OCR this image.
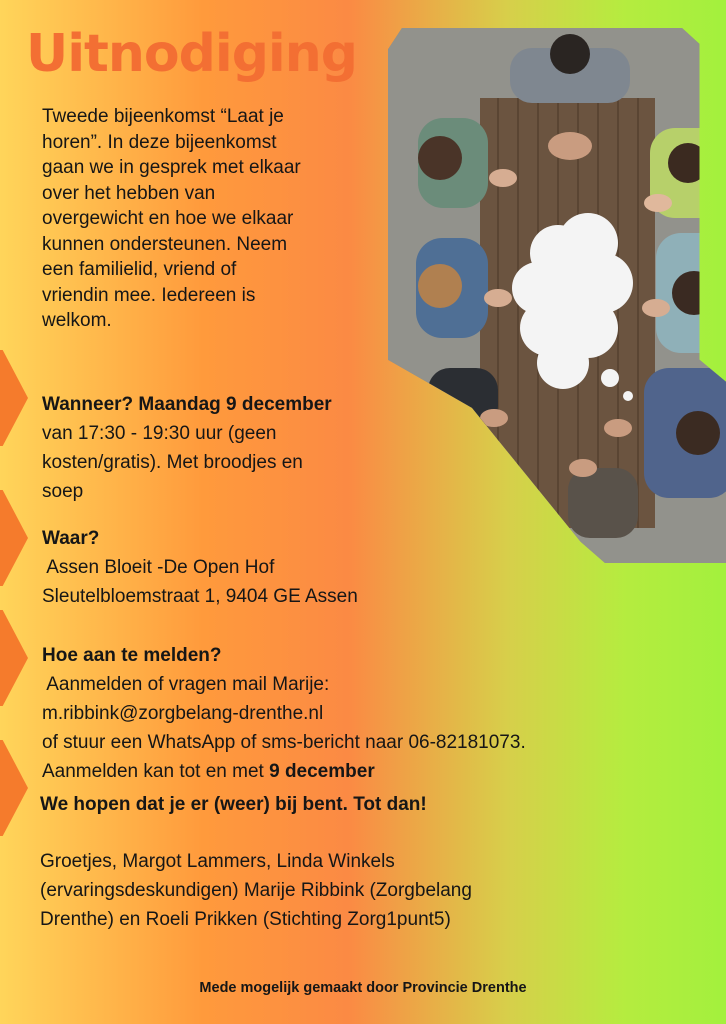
Uitnodiging

Tweede bijeenkomst “Laat je
horen”. In deze bijeenkomst
gaan we in gesprek met elkaar
over het hebben van
overgewicht en hoe we elkaar
kunnen ondersteunen. Neem
een familielid, vriend of
vriendin mee. Iedereen is
welkom.

Wanneer? Maandag 9 december
van 17:30 - 19:30 uur (geen
kosten/gratis). Met broodjes en
soep

Waar?
Assen Bloeit -De Open Hof
Sleutelbloemstraat 1, 9404 GE Assen

Hoe aan te melden?
Aanmelden of vragen mail Marije:
m.ribbink@zorgbelang-drenthe.nl
of stuur een WhatsApp of sms-bericht naar 06-82181073.
Aanmelden kan tot en met 9 december

We hopen dat je er (weer) bij bent. Tot dan!

Groetjes, Margot Lammers, Linda Winkels
(ervaringsdeskundigen) Marije Ribbink (Zorgbelang
Drenthe) en Roeli Prikken (Stichting Zorg1punt5)

Mede mogelijk gemaakt door Provincie Drenthe
